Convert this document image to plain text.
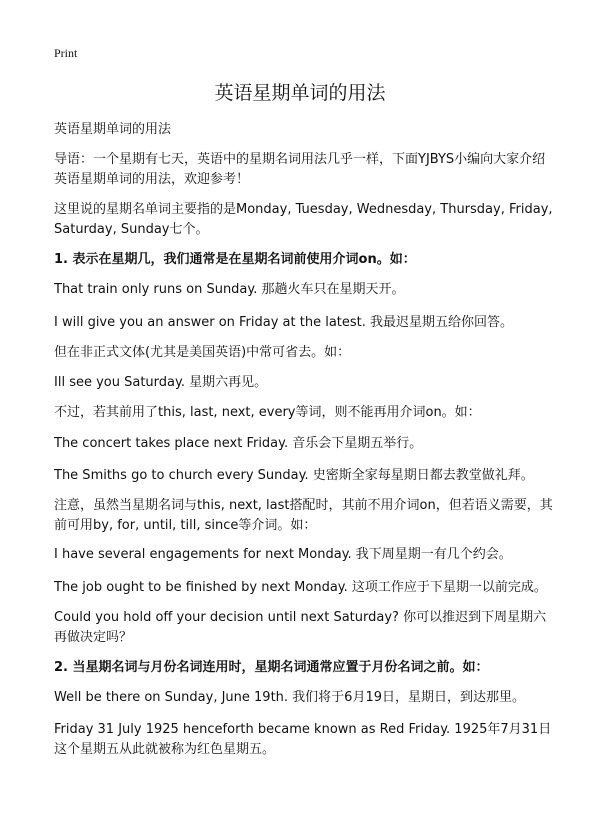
Print
英语星期单词的用法

英语星期单词的用法

导语：一个星期有七天，英语中的星期名词用法几乎一样，下面YJBYS小编向大家介绍英语星期单词的用法，欢迎参考！

这里说的星期名单词主要指的是Monday, Tuesday, Wednesday, Thursday, Friday, Saturday, Sunday七个。

1. 表示在星期几，我们通常是在星期名词前使用介词on。如：

That train only runs on Sunday. 那趟火车只在星期天开。

I will give you an answer on Friday at the latest. 我最迟星期五给你回答。

但在非正式文体(尤其是美国英语)中常可省去。如：

Ill see you Saturday. 星期六再见。

不过，若其前用了this, last, next, every等词，则不能再用介词on。如：

The concert takes place next Friday. 音乐会下星期五举行。

The Smiths go to church every Sunday. 史密斯全家每星期日都去教堂做礼拜。

注意，虽然当星期名词与this, next, last搭配时，其前不用介词on，但若语义需要，其前可用by, for, until, till, since等介词。如：

I have several engagements for next Monday. 我下周星期一有几个约会。

The job ought to be finished by next Monday. 这项工作应于下星期一以前完成。

Could you hold off your decision until next Saturday? 你可以推迟到下周星期六再做决定吗？

2. 当星期名词与月份名词连用时，星期名词通常应置于月份名词之前。如：

Well be there on Sunday, June 19th. 我们将于6月19日，星期日，到达那里。

Friday 31 July 1925 henceforth became known as Red Friday. 1925年7月31日这个星期五从此就被称为红色星期五。
